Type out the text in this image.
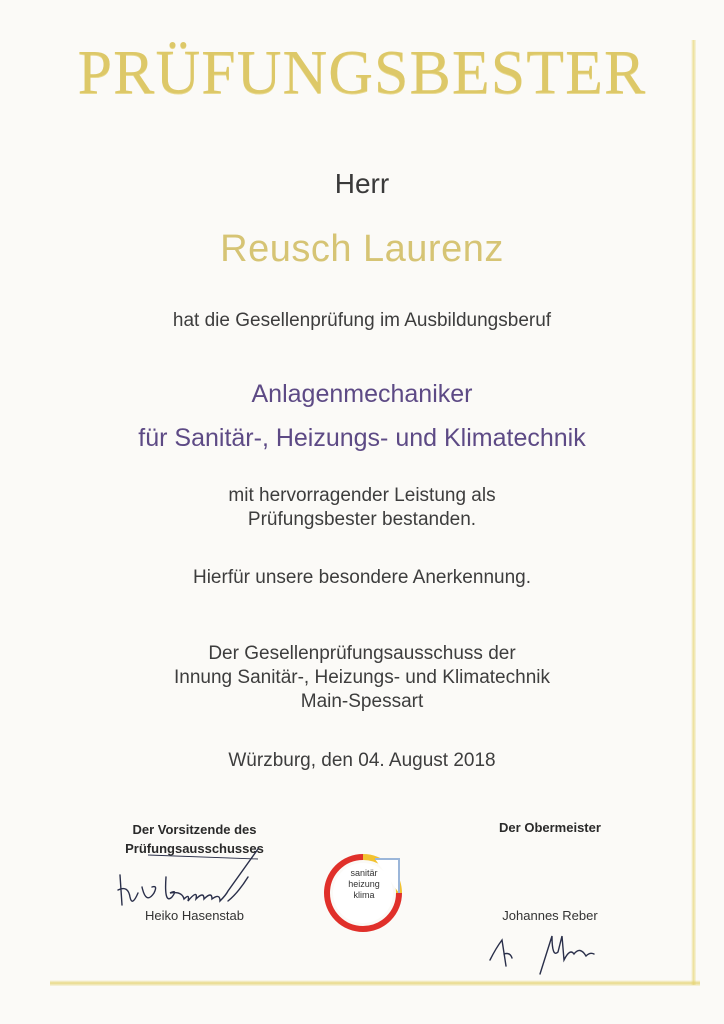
PRÜFUNGSBESTER
Herr
Reusch Laurenz
hat die Gesellenprüfung im Ausbildungsberuf
Anlagenmechaniker
für Sanitär-, Heizungs- und Klimatechnik
mit hervorragender Leistung als
Prüfungsbester bestanden.
Hierfür unsere besondere Anerkennung.
Der Gesellenprüfungsausschuss der
Innung Sanitär-, Heizungs- und Klimatechnik
Main-Spessart
Würzburg, den 04. August 2018
Der Vorsitzende des
Prüfungsausschusses
Heiko Hasenstab
sanitär
heizung
klima
Der Obermeister
Johannes Reber
